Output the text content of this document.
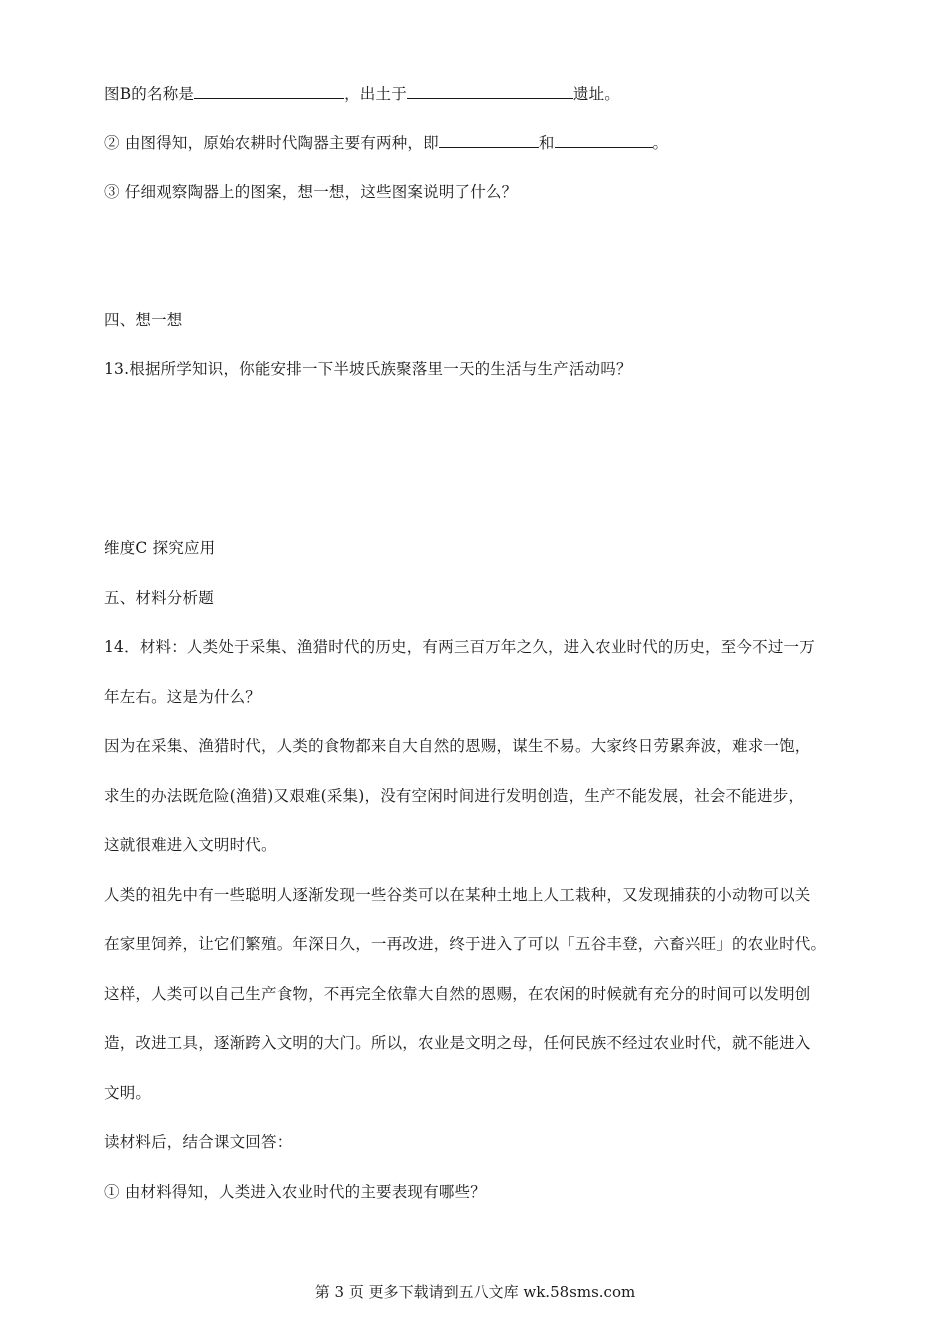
图B的名称是	，出土于	遗址。
② 由图得知，原始农耕时代陶器主要有两种，即	和	。
③ 仔细观察陶器上的图案，想一想，这些图案说明了什么？
四、想一想
13.根据所学知识，你能安排一下半坡氏族聚落里一天的生活与生产活动吗？
维度C 探究应用
五、材料分析题
14．材料：人类处于采集、渔猎时代的历史，有两三百万年之久，进入农业时代的历史，至今不过一万
年左右。这是为什么？
因为在采集、渔猎时代，人类的食物都来自大自然的恩赐，谋生不易。大家终日劳累奔波，难求一饱，
求生的办法既危险(渔猎)又艰难(采集)，没有空闲时间进行发明创造，生产不能发展，社会不能进步，
这就很难进入文明时代。
人类的祖先中有一些聪明人逐渐发现一些谷类可以在某种土地上人工栽种，又发现捕获的小动物可以关
在家里饲养，让它们繁殖。年深日久，一再改进，终于进入了可以「五谷丰登，六畜兴旺」的农业时代。
这样，人类可以自己生产食物，不再完全依靠大自然的恩赐，在农闲的时候就有充分的时间可以发明创
造，改进工具，逐渐跨入文明的大门。所以，农业是文明之母，任何民族不经过农业时代，就不能进入
文明。
读材料后，结合课文回答：
① 由材料得知，人类进入农业时代的主要表现有哪些？
第 3 页 更多下载请到五八文库 wk.58sms.com
